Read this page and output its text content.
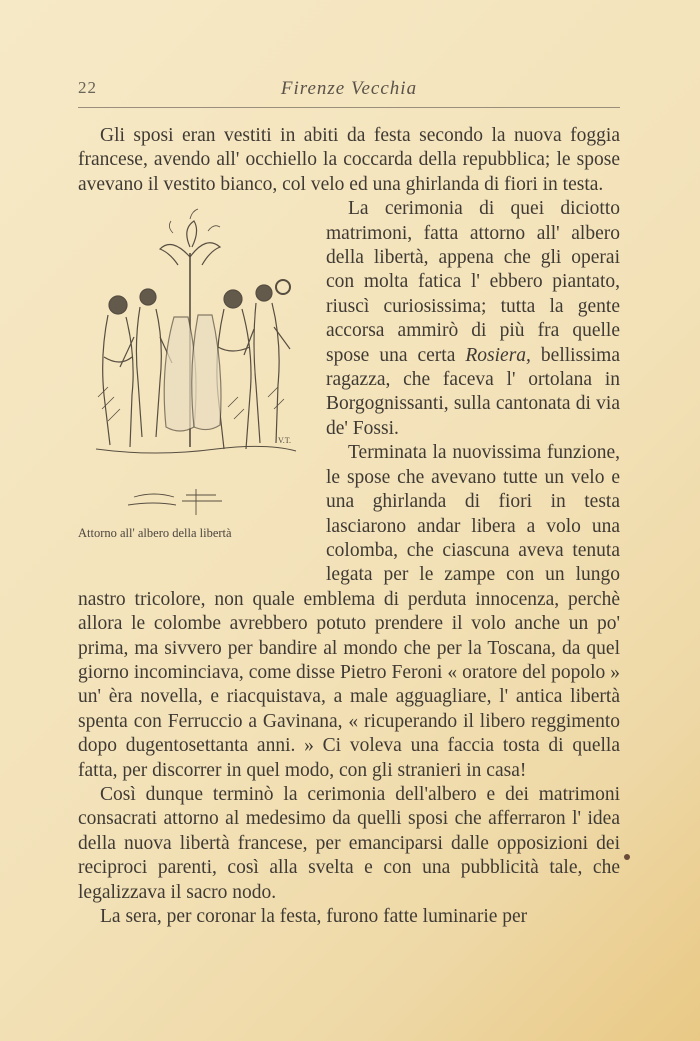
22	Firenze Vecchia

Gli sposi eran vestiti in abiti da festa secondo la nuova foggia francese, avendo all' occhiello la coccarda della repubblica; le spose avevano il vestito bianco, col velo ed una ghirlanda di fiori in testa.

V.T.
Attorno all' albero della libertà

La cerimonia di quei diciotto matrimoni, fatta attorno all' albero della libertà, appena che gli operai con molta fatica l' ebbero piantato, riuscì curiosissima; tutta la gente accorsa ammirò di più fra quelle spose una certa Rosiera, bellissima ragazza, che faceva l' ortolana in Borgognissanti, sulla cantonata di via de' Fossi.

Terminata la nuovissima funzione, le spose che avevano tutte un velo e una ghirlanda di fiori in testa lasciarono andar libera a volo una colomba, che ciascuna aveva tenuta legata per le zampe con un lungo nastro tricolore, non quale emblema di perduta innocenza, perchè allora le colombe avrebbero potuto prendere il volo anche un po' prima, ma sivvero per bandire al mondo che per la Toscana, da quel giorno incominciava, come disse Pietro Feroni « oratore del popolo » un' èra novella, e riacquistava, a male agguagliare, l' antica libertà spenta con Ferruccio a Gavinana, « ricuperando il libero reggimento dopo dugentosettanta anni. » Ci voleva una faccia tosta di quella fatta, per discorrer in quel modo, con gli stranieri in casa!

Così dunque terminò la cerimonia dell'albero e dei matrimoni consacrati attorno al medesimo da quelli sposi che afferraron l' idea della nuova libertà francese, per emanciparsi dalle opposizioni dei reciproci parenti, così alla svelta e con una pubblicità tale, che legalizzava il sacro nodo.

La sera, per coronar la festa, furono fatte luminarie per
